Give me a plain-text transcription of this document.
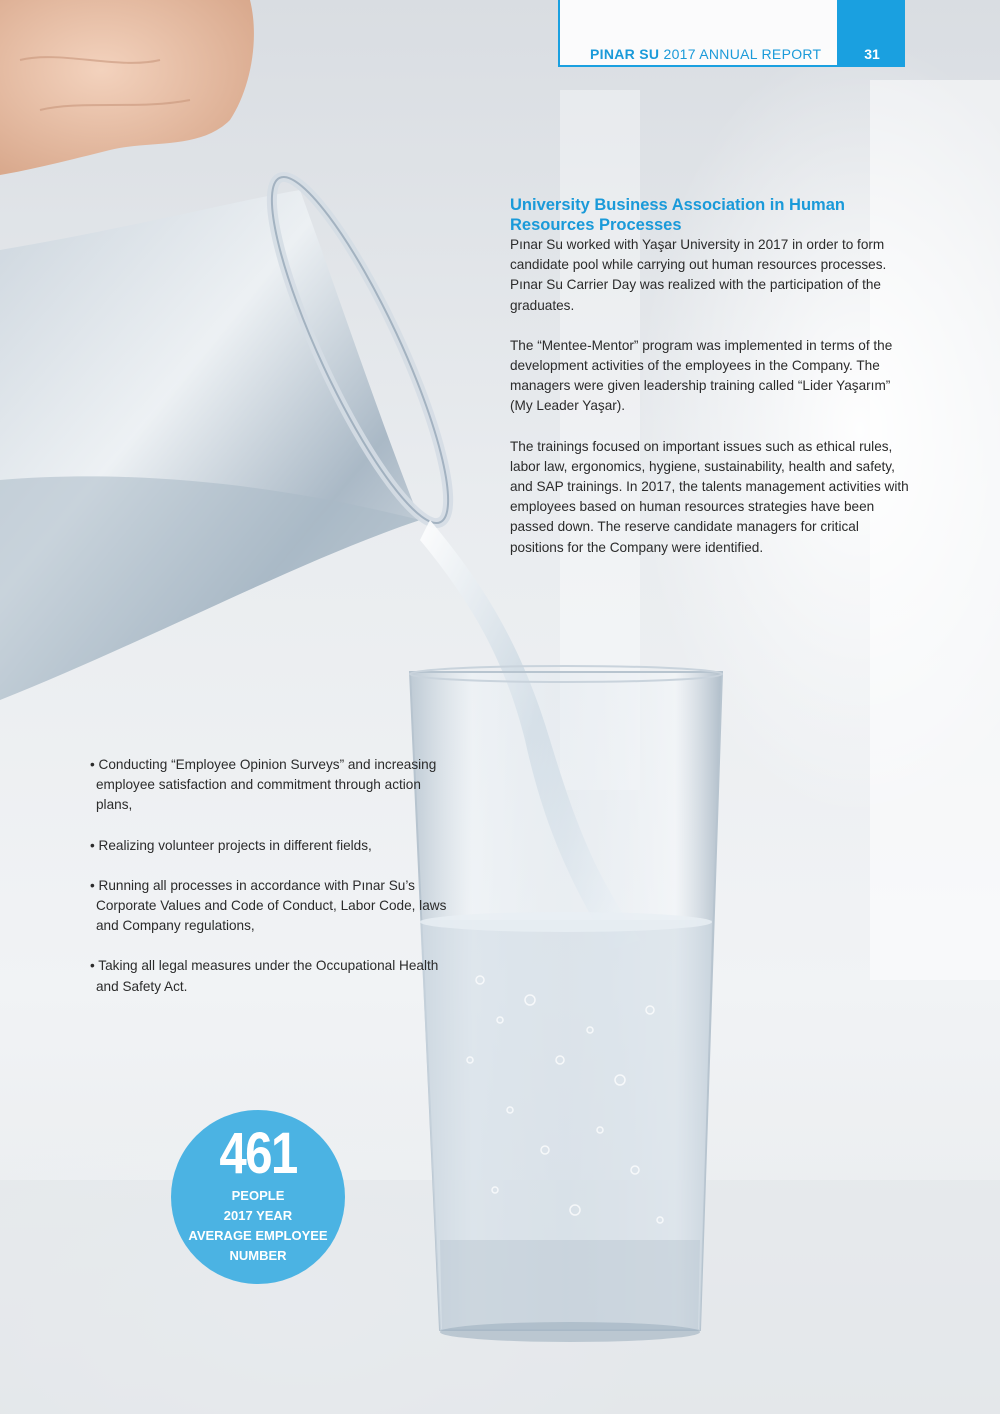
PINAR SU 2017 ANNUAL REPORT	31
University Business Association in Human Resources Processes

Pınar Su worked with Yaşar University in 2017 in order to form candidate pool while carrying out human resources processes. Pınar Su Carrier Day was realized with the participation of the graduates.

The “Mentee-Mentor” program was implemented in terms of the development activities of the employees in the Company. The managers were given leadership training called “Lider Yaşarım” (My Leader Yaşar).

The trainings focused on important issues such as ethical rules, labor law, ergonomics, hygiene, sustainability, health and safety, and SAP trainings. In 2017, the talents management activities with employees based on human resources strategies have been passed down. The reserve candidate managers for critical positions for the Company were identified.

• Conducting “Employee Opinion Surveys” and increasing employee satisfaction and commitment through action plans,

• Realizing volunteer projects in different fields,

• Running all processes in accordance with Pınar Su’s Corporate Values and Code of Conduct, Labor Code, laws and Company regulations,

• Taking all legal measures under the Occupational Health and Safety Act.

461
PEOPLE
2017 YEAR
AVERAGE EMPLOYEE
NUMBER
